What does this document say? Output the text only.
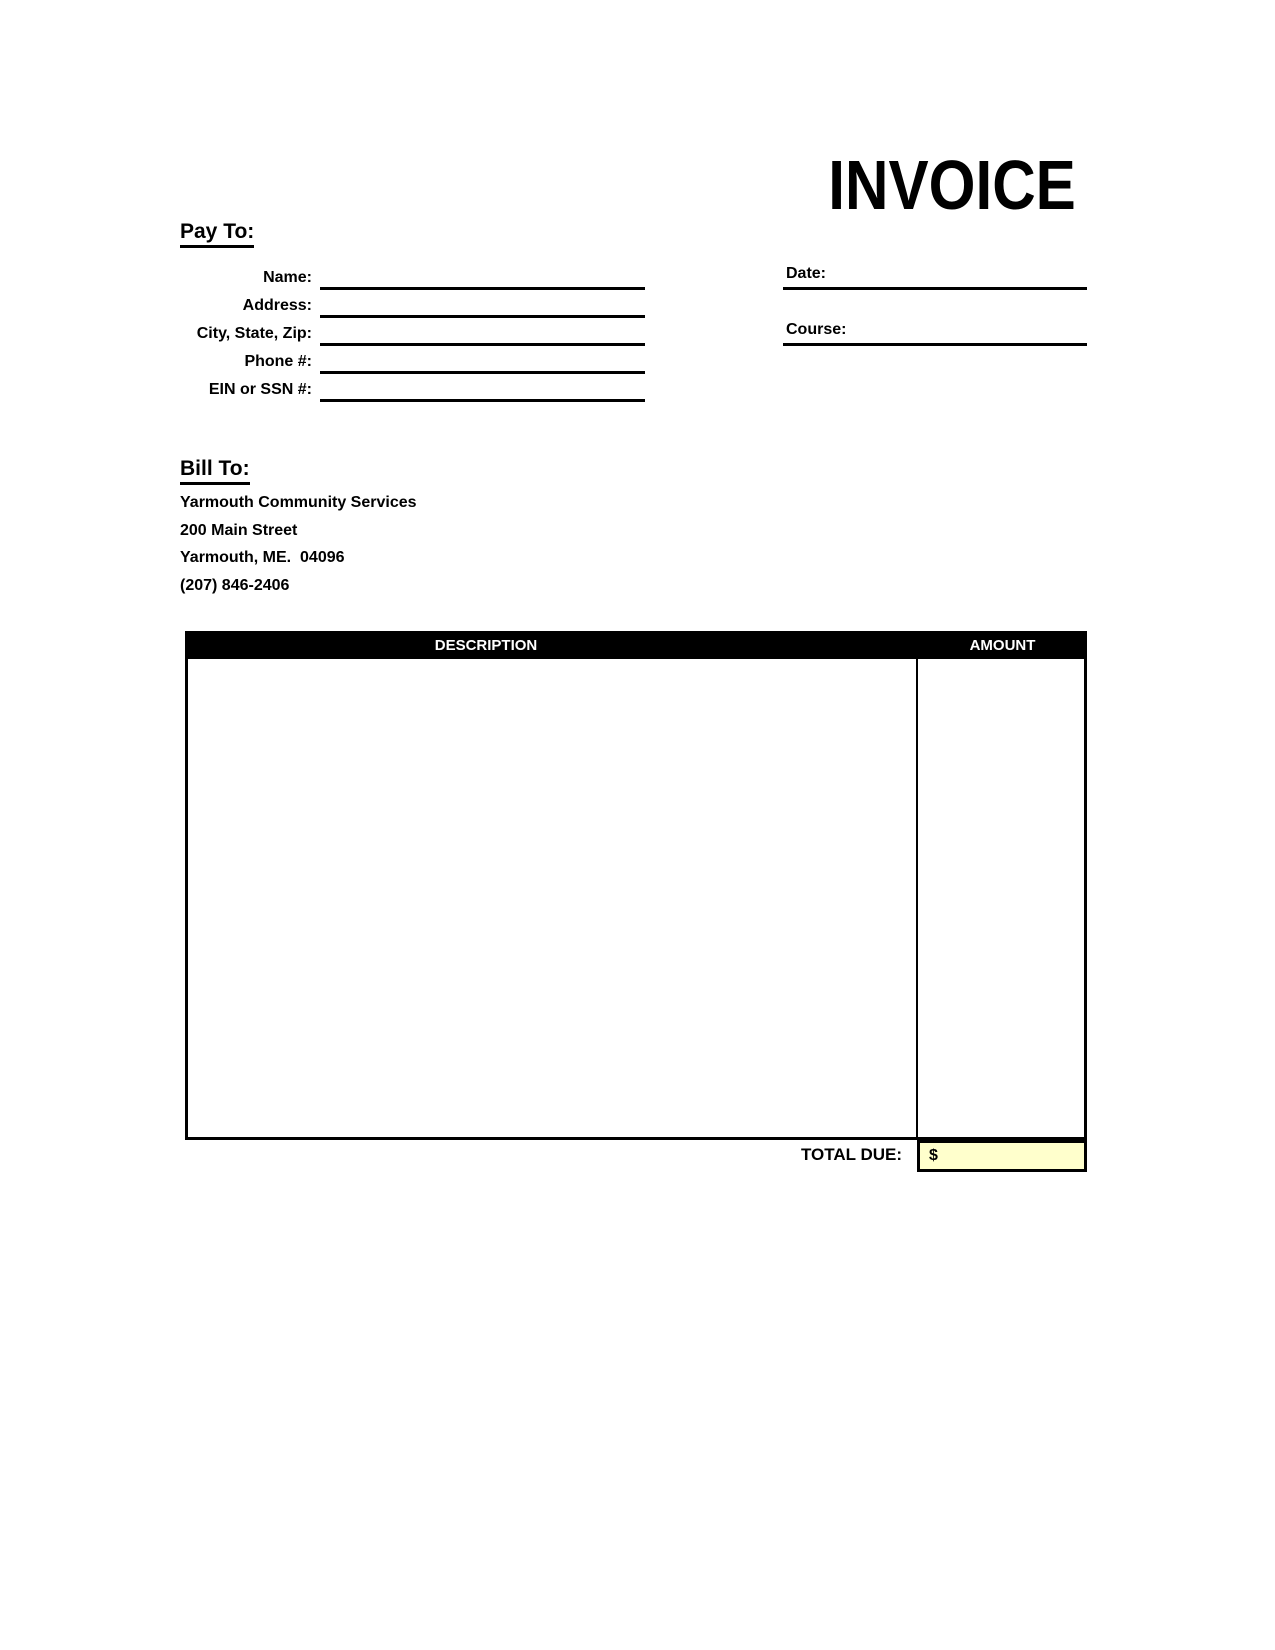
INVOICE
Pay To:
Name:
Address:
City, State, Zip:
Phone #:
EIN or SSN #:
Date:
Course:
Bill To:
Yarmouth Community Services
200 Main Street
Yarmouth, ME.  04096
(207) 846-2406
DESCRIPTION	AMOUNT
TOTAL DUE:	$
